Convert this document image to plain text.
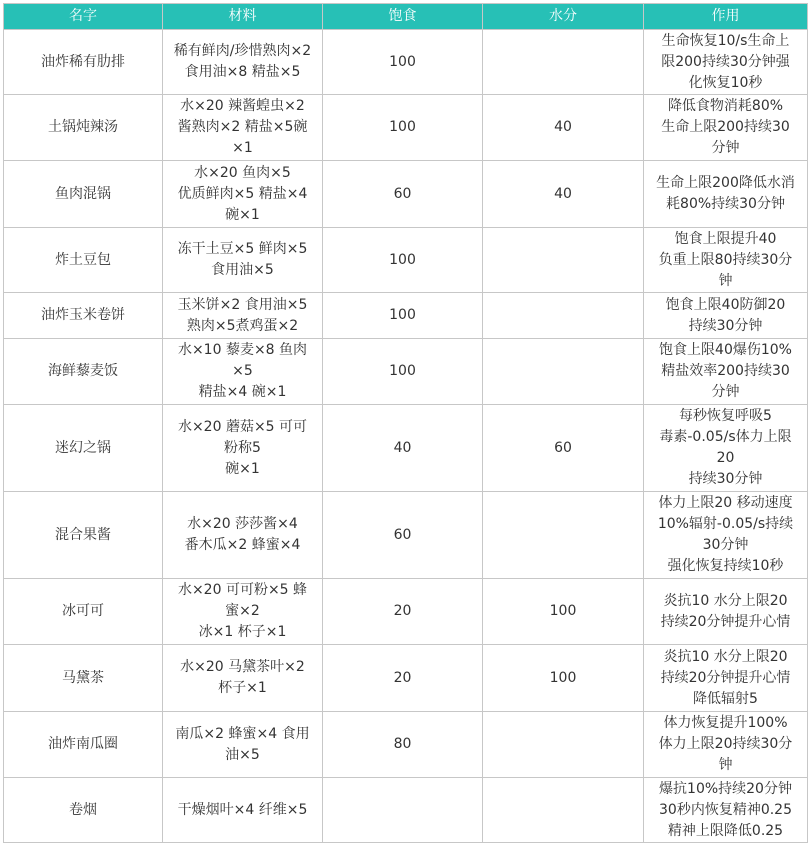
名字	材料	饱食	水分	作用
油炸稀有肋排	稀有鲜肉/珍惜熟肉×2
食用油×8 精盐×5	100		生命恢复10/s生命上
限200持续30分钟强
化恢复10秒

土锅炖辣汤	水×20 辣酱蝗虫×2
酱熟肉×2 精盐×5碗
×1	100	40	降低食物消耗80%
生命上限200持续30
分钟

鱼肉混锅	水×20 鱼肉×5
优质鲜肉×5 精盐×4
碗×1	60	40	生命上限200降低水消
耗80%持续30分钟

炸土豆包	冻干土豆×5 鲜肉×5
食用油×5	100		饱食上限提升40
负重上限80持续30分
钟

油炸玉米卷饼	玉米饼×2 食用油×5
熟肉×5煮鸡蛋×2	100		饱食上限40防御20
持续30分钟

海鲜藜麦饭	水×10 藜麦×8 鱼肉
×5
精盐×4 碗×1	100		饱食上限40爆伤10%
精盐效率200持续30
分钟

迷幻之锅	水×20 蘑菇×5 可可
粉称5
碗×1	40	60	每秒恢复呼吸5
毒素-0.05/s体力上限
20
持续30分钟

混合果酱	水×20 莎莎酱×4
番木瓜×2 蜂蜜×4	60		体力上限20 移动速度
10%辐射-0.05/s持续
30分钟
强化恢复持续10秒

冰可可	水×20 可可粉×5 蜂
蜜×2
冰×1 杯子×1	20	100	炎抗10 水分上限20
持续20分钟提升心情

马黛茶	水×20 马黛茶叶×2
杯子×1	20	100	炎抗10 水分上限20
持续20分钟提升心情
降低辐射5

油炸南瓜圈	南瓜×2 蜂蜜×4 食用
油×5	80		体力恢复提升100%
体力上限20持续30分
钟

卷烟	干燥烟叶×4 纤维×5			爆抗10%持续20分钟
30秒内恢复精神0.25
精神上限降低0.25
